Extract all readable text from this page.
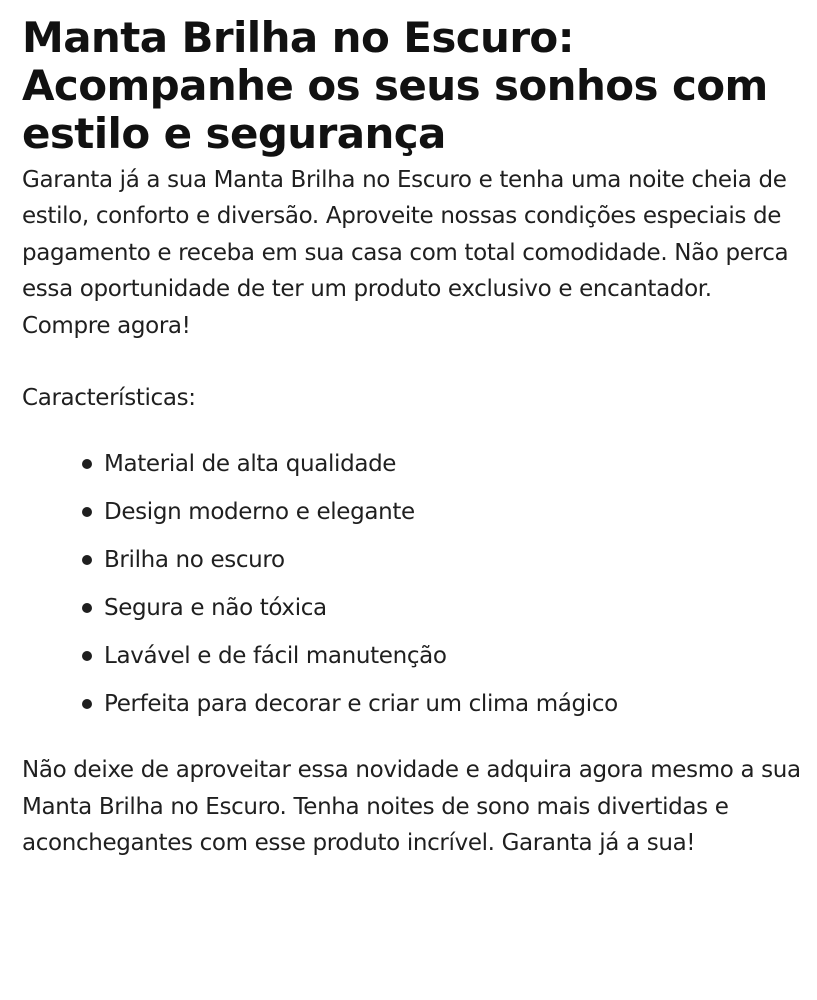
Manta Brilha no Escuro:
Acompanhe os seus sonhos com
estilo e segurança

Garanta já a sua Manta Brilha no Escuro e tenha uma noite cheia de estilo, conforto e diversão. Aproveite nossas condições especiais de pagamento e receba em sua casa com total comodidade. Não perca essa oportunidade de ter um produto exclusivo e encantador. Compre agora!

Características:

Material de alta qualidade
Design moderno e elegante
Brilha no escuro
Segura e não tóxica
Lavável e de fácil manutenção
Perfeita para decorar e criar um clima mágico

Não deixe de aproveitar essa novidade e adquira agora mesmo a sua Manta Brilha no Escuro. Tenha noites de sono mais divertidas e aconchegantes com esse produto incrível. Garanta já a sua!
